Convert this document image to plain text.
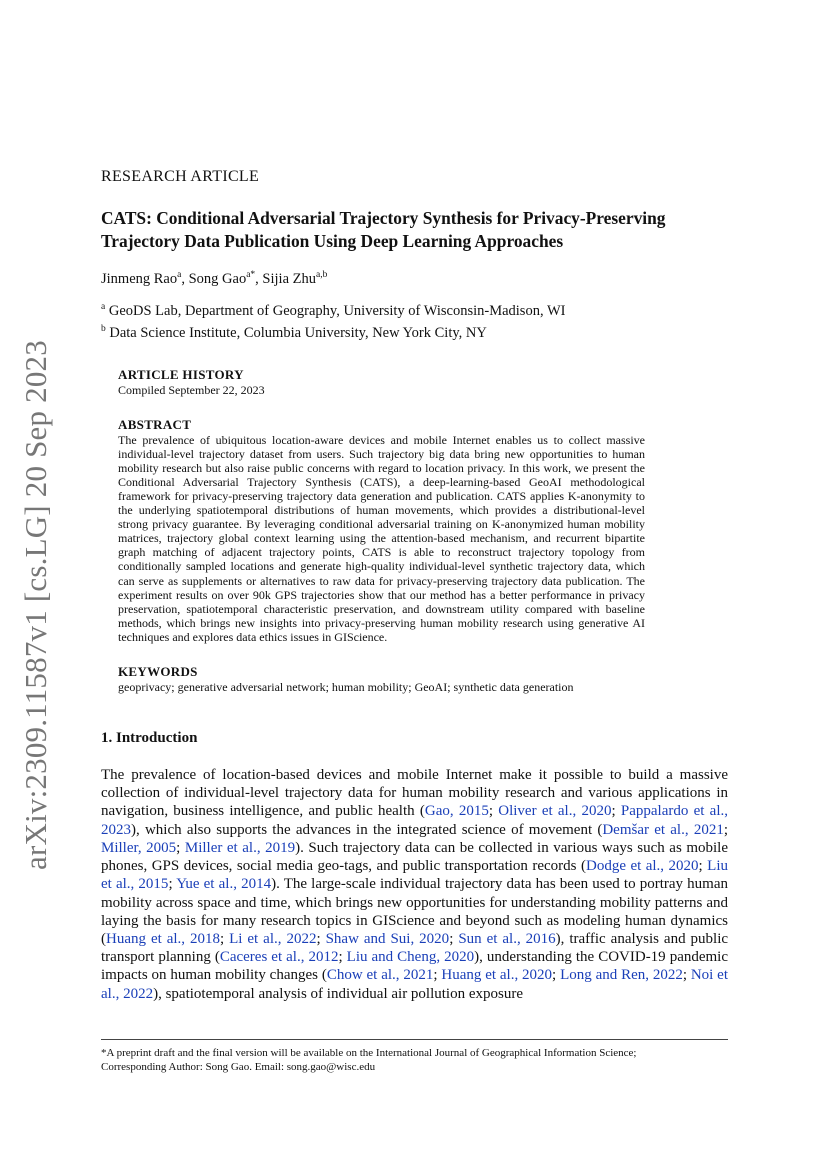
arXiv:2309.11587v1 [cs.LG] 20 Sep 2023

RESEARCH ARTICLE

CATS: Conditional Adversarial Trajectory Synthesis for Privacy-Preserving Trajectory Data Publication Using Deep Learning Approaches

Jinmeng Rao$^a$, Song Gao$^{a*}$, Sijia Zhu$^{a,b}$

$^a$ GeoDS Lab, Department of Geography, University of Wisconsin-Madison, WI

$^b$ Data Science Institute, Columbia University, New York City, NY

ARTICLE HISTORY

Compiled September 22, 2023

ABSTRACT

The prevalence of ubiquitous location-aware devices and mobile Internet enables us to collect massive individual-level trajectory dataset from users. Such trajectory big data bring new opportunities to human mobility research but also raise public concerns with regard to location privacy. In this work, we present the Conditional Adversarial Trajectory Synthesis (CATS), a deep-learning-based GeoAI methodological framework for privacy-preserving trajectory data generation and publication. CATS applies K-anonymity to the underlying spatiotemporal distributions of human movements, which provides a distributional-level strong privacy guarantee. By leveraging conditional adversarial training on K-anonymized human mobility matrices, trajectory global context learning using the attention-based mechanism, and recurrent bipartite graph matching of adjacent trajectory points, CATS is able to reconstruct trajectory topology from conditionally sampled locations and generate high-quality individual-level synthetic trajectory data, which can serve as supplements or alternatives to raw data for privacy-preserving trajectory data publication. The experiment results on over 90k GPS trajectories show that our method has a better performance in privacy preservation, spatiotemporal characteristic preservation, and downstream utility compared with baseline methods, which brings new insights into privacy-preserving human mobility research using generative AI techniques and explores data ethics issues in GIScience.

KEYWORDS

geoprivacy; generative adversarial network; human mobility; GeoAI; synthetic data generation

1. Introduction

The prevalence of location-based devices and mobile Internet make it possible to build a massive collection of individual-level trajectory data for human mobility research and various applications in navigation, business intelligence, and public health (Gao, 2015; Oliver et al., 2020; Pappalardo et al., 2023), which also supports the advances in the integrated science of movement (Demšar et al., 2021; Miller, 2005; Miller et al., 2019). Such trajectory data can be collected in various ways such as mobile phones, GPS devices, social media geo-tags, and public transportation records (Dodge et al., 2020; Liu et al., 2015; Yue et al., 2014). The large-scale individual trajectory data has been used to portray human mobility across space and time, which brings new opportunities for understanding mobility patterns and laying the basis for many research topics in GIScience and beyond such as modeling human dynamics (Huang et al., 2018; Li et al., 2022; Shaw and Sui, 2020; Sun et al., 2016), traffic analysis and public transport planning (Caceres et al., 2012; Liu and Cheng, 2020), understanding the COVID-19 pandemic impacts on human mobility changes (Chow et al., 2021; Huang et al., 2020; Long and Ren, 2022; Noi et al., 2022), spatiotemporal analysis of individual air pollution exposure

*A preprint draft and the final version will be available on the International Journal of Geographical Information Science;

Corresponding Author: Song Gao. Email: song.gao@wisc.edu
